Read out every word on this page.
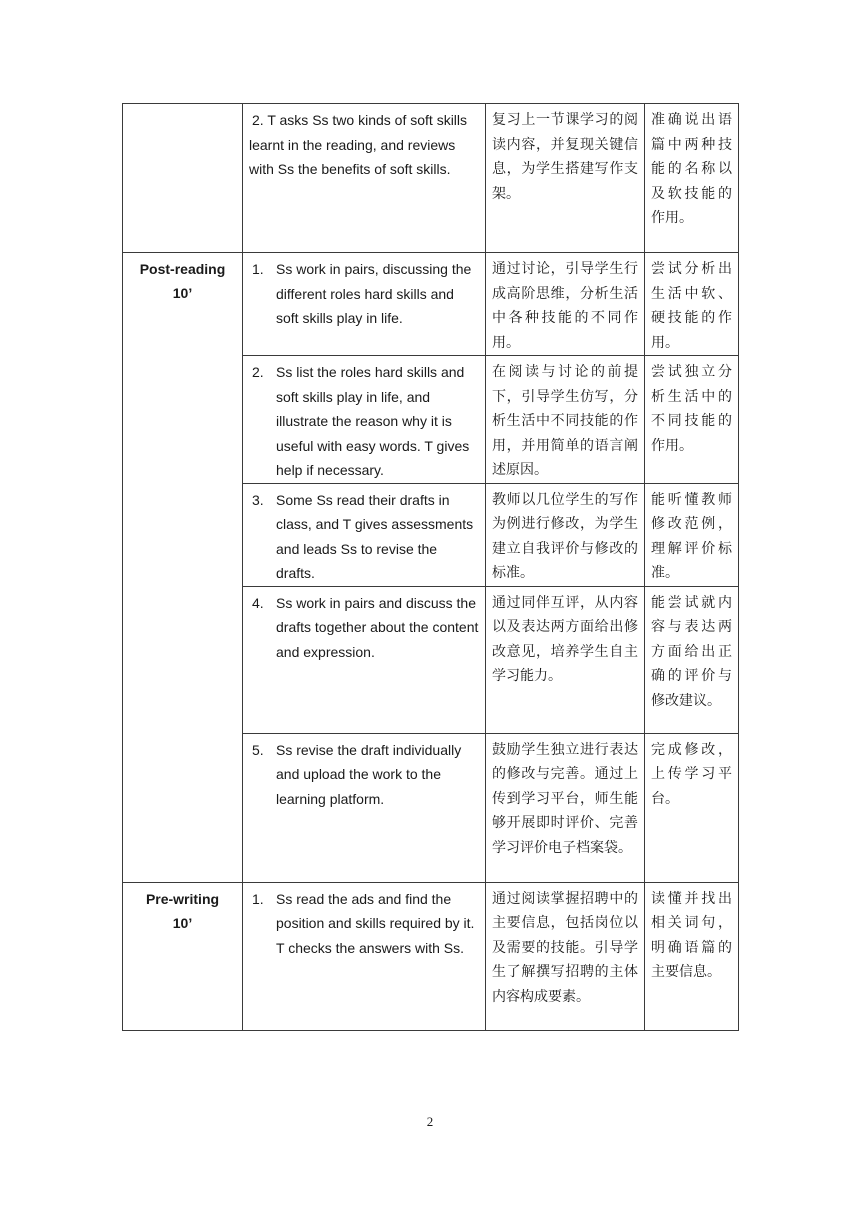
	2. T asks Ss two kinds of soft skills learnt in the reading, and reviews with Ss the benefits of soft skills.	复习上一节课学习的阅读内容，并复现关键信息，为学生搭建写作支架。	准确说出语篇中两种技能的名称以及软技能的作用。

Post-reading
10’	1. Ss work in pairs, discussing the different roles hard skills and soft skills play in life.	通过讨论，引导学生行成高阶思维，分析生活中各种技能的不同作用。	尝试分析出生活中软、硬技能的作用。

	2. Ss list the roles hard skills and soft skills play in life, and illustrate the reason why it is useful with easy words. T gives help if necessary.	在阅读与讨论的前提下，引导学生仿写，分析生活中不同技能的作用，并用简单的语言阐述原因。	尝试独立分析生活中的不同技能的作用。

	3. Some Ss read their drafts in class, and T gives assessments and leads Ss to revise the drafts.	教师以几位学生的写作为例进行修改，为学生建立自我评价与修改的标准。	能听懂教师修改范例，理解评价标准。

	4. Ss work in pairs and discuss the drafts together about the content and expression.	通过同伴互评，从内容以及表达两方面给出修改意见，培养学生自主学习能力。	能尝试就内容与表达两方面给出正确的评价与修改建议。

	5. Ss revise the draft individually and upload the work to the learning platform.	鼓励学生独立进行表达的修改与完善。通过上传到学习平台，师生能够开展即时评价、完善学习评价电子档案袋。	完成修改，上传学习平台。

Pre-writing
10’	1. Ss read the ads and find the position and skills required by it. T checks the answers with Ss.	通过阅读掌握招聘中的主要信息，包括岗位以及需要的技能。引导学生了解撰写招聘的主体内容构成要素。	读懂并找出相关词句，明确语篇的主要信息。
2
